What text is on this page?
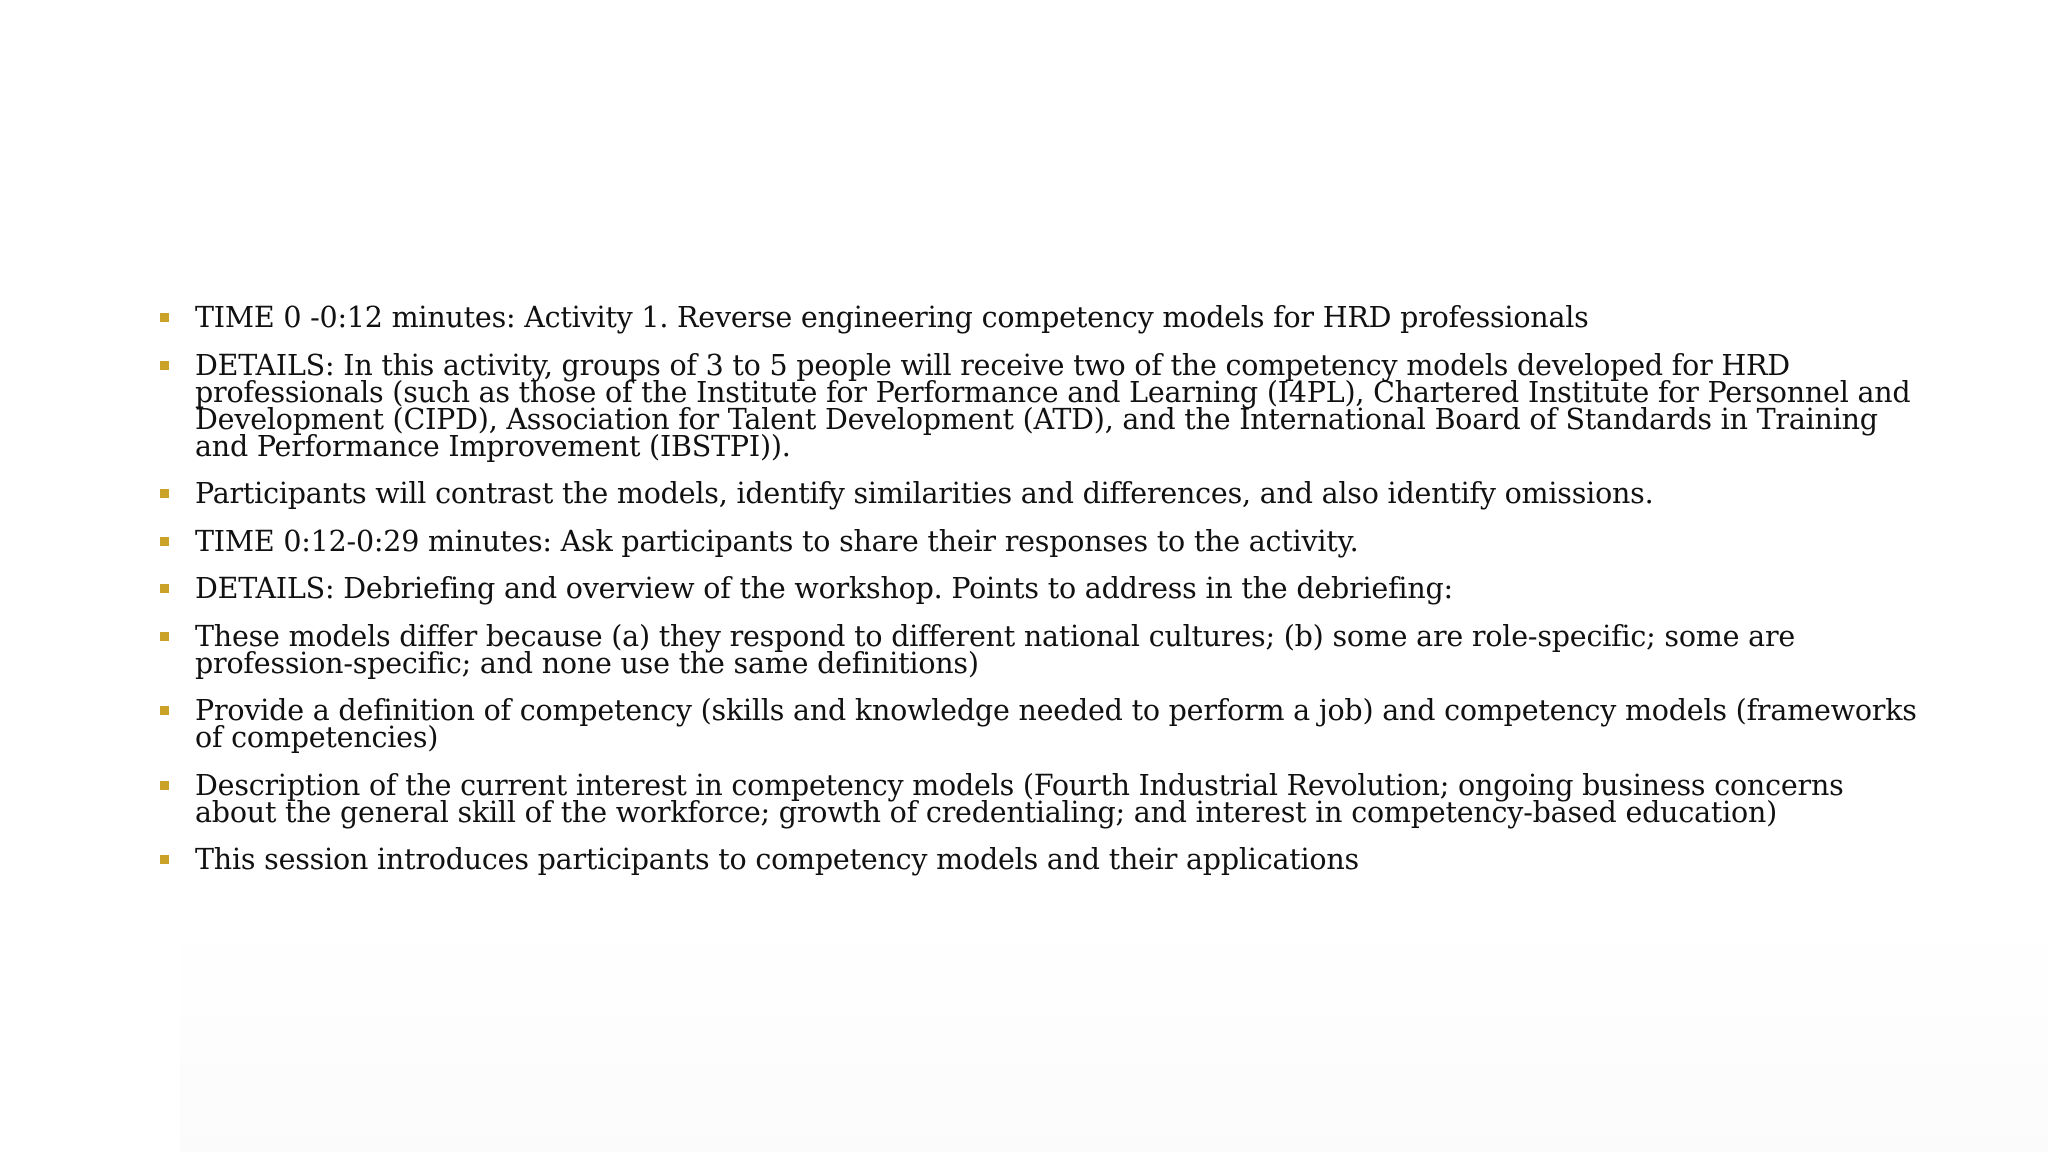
TIME 0 -0:12 minutes: Activity 1. Reverse engineering competency models for HRD professionals
DETAILS: In this activity, groups of 3 to 5 people will receive two of the competency models developed for HRD professionals (such as those of the Institute for Performance and Learning (I4PL), Chartered Institute for Personnel and Development (CIPD), Association for Talent Development (ATD), and the International Board of Standards in Training and Performance Improvement (IBSTPI)).
Participants will contrast the models, identify similarities and differences, and also identify omissions.
TIME 0:12-0:29 minutes: Ask participants to share their responses to the activity.
DETAILS: Debriefing and overview of the workshop. Points to address in the debriefing:
These models differ because (a) they respond to different national cultures; (b) some are role-specific; some are profession-specific; and none use the same definitions)
Provide a definition of competency (skills and knowledge needed to perform a job) and competency models (frameworks of competencies)
Description of the current interest in competency models (Fourth Industrial Revolution; ongoing business concerns about the general skill of the workforce; growth of credentialing; and interest in competency-based education)
This session introduces participants to competency models and their applications
